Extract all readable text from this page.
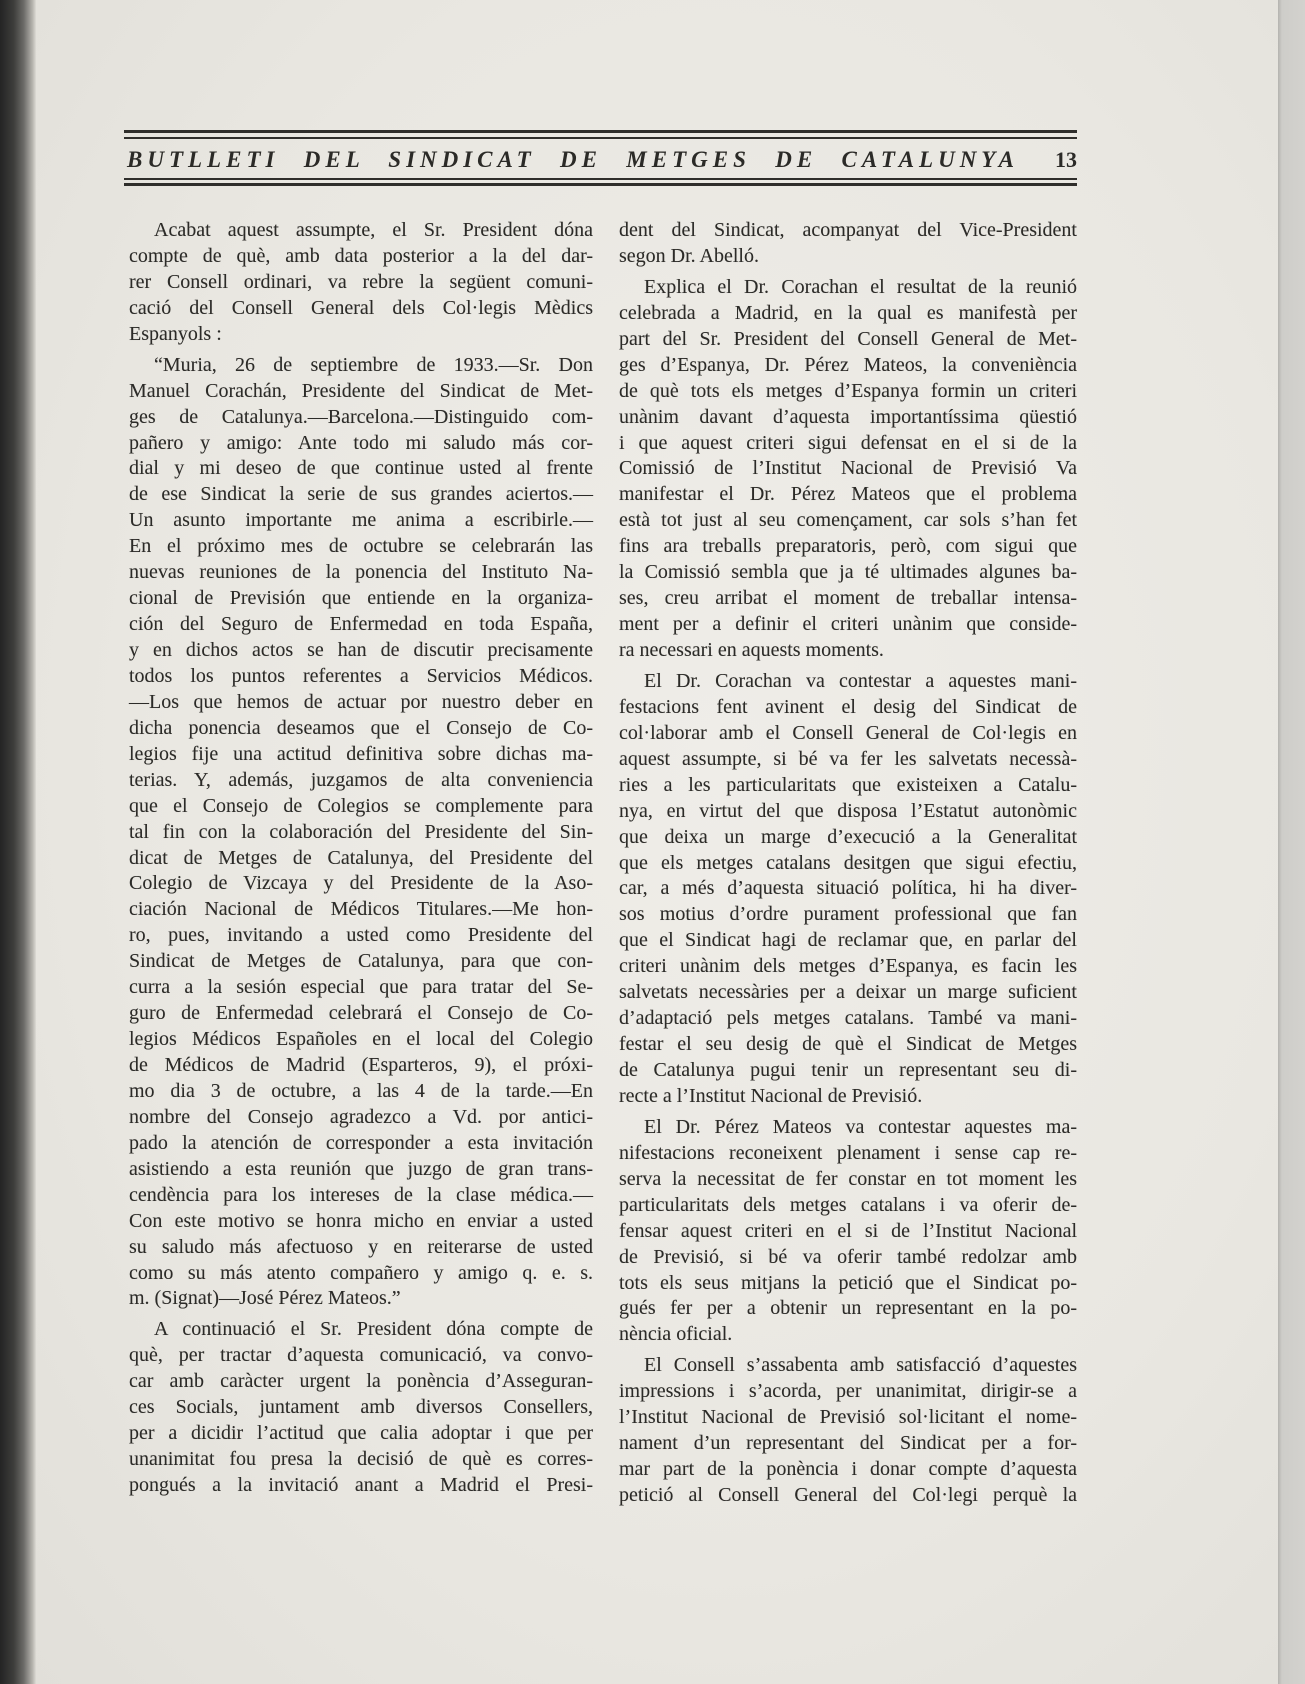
BUTLLETI DEL SINDICAT DE METGES DE CATALUNYA	13

Acabat aquest assumpte, el Sr. President dóna
compte de què, amb data posterior a la del dar-
rer Consell ordinari, va rebre la següent comuni-
cació del Consell General dels Col·legis Mèdics
Espanyols :

“Muria, 26 de septiembre de 1933.—Sr. Don
Manuel Corachán, Presidente del Sindicat de Met-
ges de Catalunya.—Barcelona.—Distinguido com-
pañero y amigo: Ante todo mi saludo más cor-
dial y mi deseo de que continue usted al frente
de ese Sindicat la serie de sus grandes aciertos.—
Un asunto importante me anima a escribirle.—
En el próximo mes de octubre se celebrarán las
nuevas reuniones de la ponencia del Instituto Na-
cional de Previsión que entiende en la organiza-
ción del Seguro de Enfermedad en toda España,
y en dichos actos se han de discutir precisamente
todos los puntos referentes a Servicios Médicos.
—Los que hemos de actuar por nuestro deber en
dicha ponencia deseamos que el Consejo de Co-
legios fije una actitud definitiva sobre dichas ma-
terias. Y, además, juzgamos de alta conveniencia
que el Consejo de Colegios se complemente para
tal fin con la colaboración del Presidente del Sin-
dicat de Metges de Catalunya, del Presidente del
Colegio de Vizcaya y del Presidente de la Aso-
ciación Nacional de Médicos Titulares.—Me hon-
ro, pues, invitando a usted como Presidente del
Sindicat de Metges de Catalunya, para que con-
curra a la sesión especial que para tratar del Se-
guro de Enfermedad celebrará el Consejo de Co-
legios Médicos Españoles en el local del Colegio
de Médicos de Madrid (Esparteros, 9), el próxi-
mo dia 3 de octubre, a las 4 de la tarde.—En
nombre del Consejo agradezco a Vd. por antici-
pado la atención de corresponder a esta invitación
asistiendo a esta reunión que juzgo de gran trans-
cendència para los intereses de la clase médica.—
Con este motivo se honra micho en enviar a usted
su saludo más afectuoso y en reiterarse de usted
como su más atento compañero y amigo q. e. s.
m. (Signat)—José Pérez Mateos.”

A continuació el Sr. President dóna compte de
què, per tractar d’aquesta comunicació, va convo-
car amb caràcter urgent la ponència d’Asseguran-
ces Socials, juntament amb diversos Consellers,
per a dicidir l’actitud que calia adoptar i que per
unanimitat fou presa la decisió de què es corres-
pongués a la invitació anant a Madrid el Presi-

dent del Sindicat, acompanyat del Vice-President
segon Dr. Abelló.

Explica el Dr. Corachan el resultat de la reunió
celebrada a Madrid, en la qual es manifestà per
part del Sr. President del Consell General de Met-
ges d’Espanya, Dr. Pérez Mateos, la conveniència
de què tots els metges d’Espanya formin un criteri
unànim davant d’aquesta importantíssima qüestió
i que aquest criteri sigui defensat en el si de la
Comissió de l’Institut Nacional de Previsió Va
manifestar el Dr. Pérez Mateos que el problema
està tot just al seu començament, car sols s’han fet
fins ara treballs preparatoris, però, com sigui que
la Comissió sembla que ja té ultimades algunes ba-
ses, creu arribat el moment de treballar intensa-
ment per a definir el criteri unànim que conside-
ra necessari en aquests moments.

El Dr. Corachan va contestar a aquestes mani-
festacions fent avinent el desig del Sindicat de
col·laborar amb el Consell General de Col·legis en
aquest assumpte, si bé va fer les salvetats necessà-
ries a les particularitats que existeixen a Catalu-
nya, en virtut del que disposa l’Estatut autonòmic
que deixa un marge d’execució a la Generalitat
que els metges catalans desitgen que sigui efectiu,
car, a més d’aquesta situació política, hi ha diver-
sos motius d’ordre purament professional que fan
que el Sindicat hagi de reclamar que, en parlar del
criteri unànim dels metges d’Espanya, es facin les
salvetats necessàries per a deixar un marge suficient
d’adaptació pels metges catalans. També va mani-
festar el seu desig de què el Sindicat de Metges
de Catalunya pugui tenir un representant seu di-
recte a l’Institut Nacional de Previsió.

El Dr. Pérez Mateos va contestar aquestes ma-
nifestacions reconeixent plenament i sense cap re-
serva la necessitat de fer constar en tot moment les
particularitats dels metges catalans i va oferir de-
fensar aquest criteri en el si de l’Institut Nacional
de Previsió, si bé va oferir també redolzar amb
tots els seus mitjans la petició que el Sindicat po-
gués fer per a obtenir un representant en la po-
nència oficial.

El Consell s’assabenta amb satisfacció d’aquestes
impressions i s’acorda, per unanimitat, dirigir-se a
l’Institut Nacional de Previsió sol·licitant el nome-
nament d’un representant del Sindicat per a for-
mar part de la ponència i donar compte d’aquesta
petició al Consell General del Col·legi perquè la
